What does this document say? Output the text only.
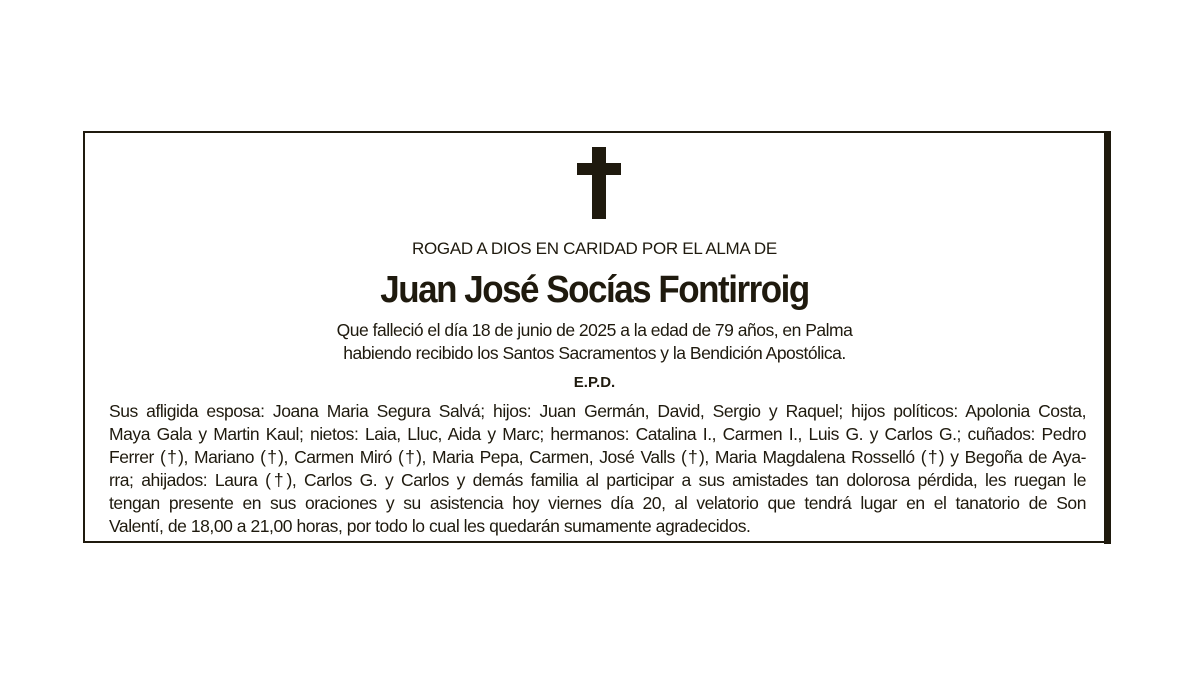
ROGAD A DIOS EN CARIDAD POR EL ALMA DE
Juan José Socías Fontirroig
Que falleció el día 18 de junio de 2025 a la edad de 79 años, en Palma
habiendo recibido los Santos Sacramentos y la Bendición Apostólica.
E.P.D.
Sus afligida esposa: Joana Maria Segura Salvá; hijos: Juan Germán, David, Sergio y Raquel; hijos políticos: Apolonia Costa,
Maya Gala y Martin Kaul; nietos: Laia, Lluc, Aida y Marc; hermanos: Catalina I., Carmen I., Luis G. y Carlos G.; cuñados: Pedro
Ferrer (†), Mariano (†), Carmen Miró (†), Maria Pepa, Carmen, José Valls (†), Maria Magdalena Rosselló (†) y Begoña de Aya-
rra; ahijados: Laura (†), Carlos G. y Carlos y demás familia al participar a sus amistades tan dolorosa pérdida, les ruegan le
tengan presente en sus oraciones y su asistencia hoy viernes día 20, al velatorio que tendrá lugar en el tanatorio de Son
Valentí, de 18,00 a 21,00 horas, por todo lo cual les quedarán sumamente agradecidos.
